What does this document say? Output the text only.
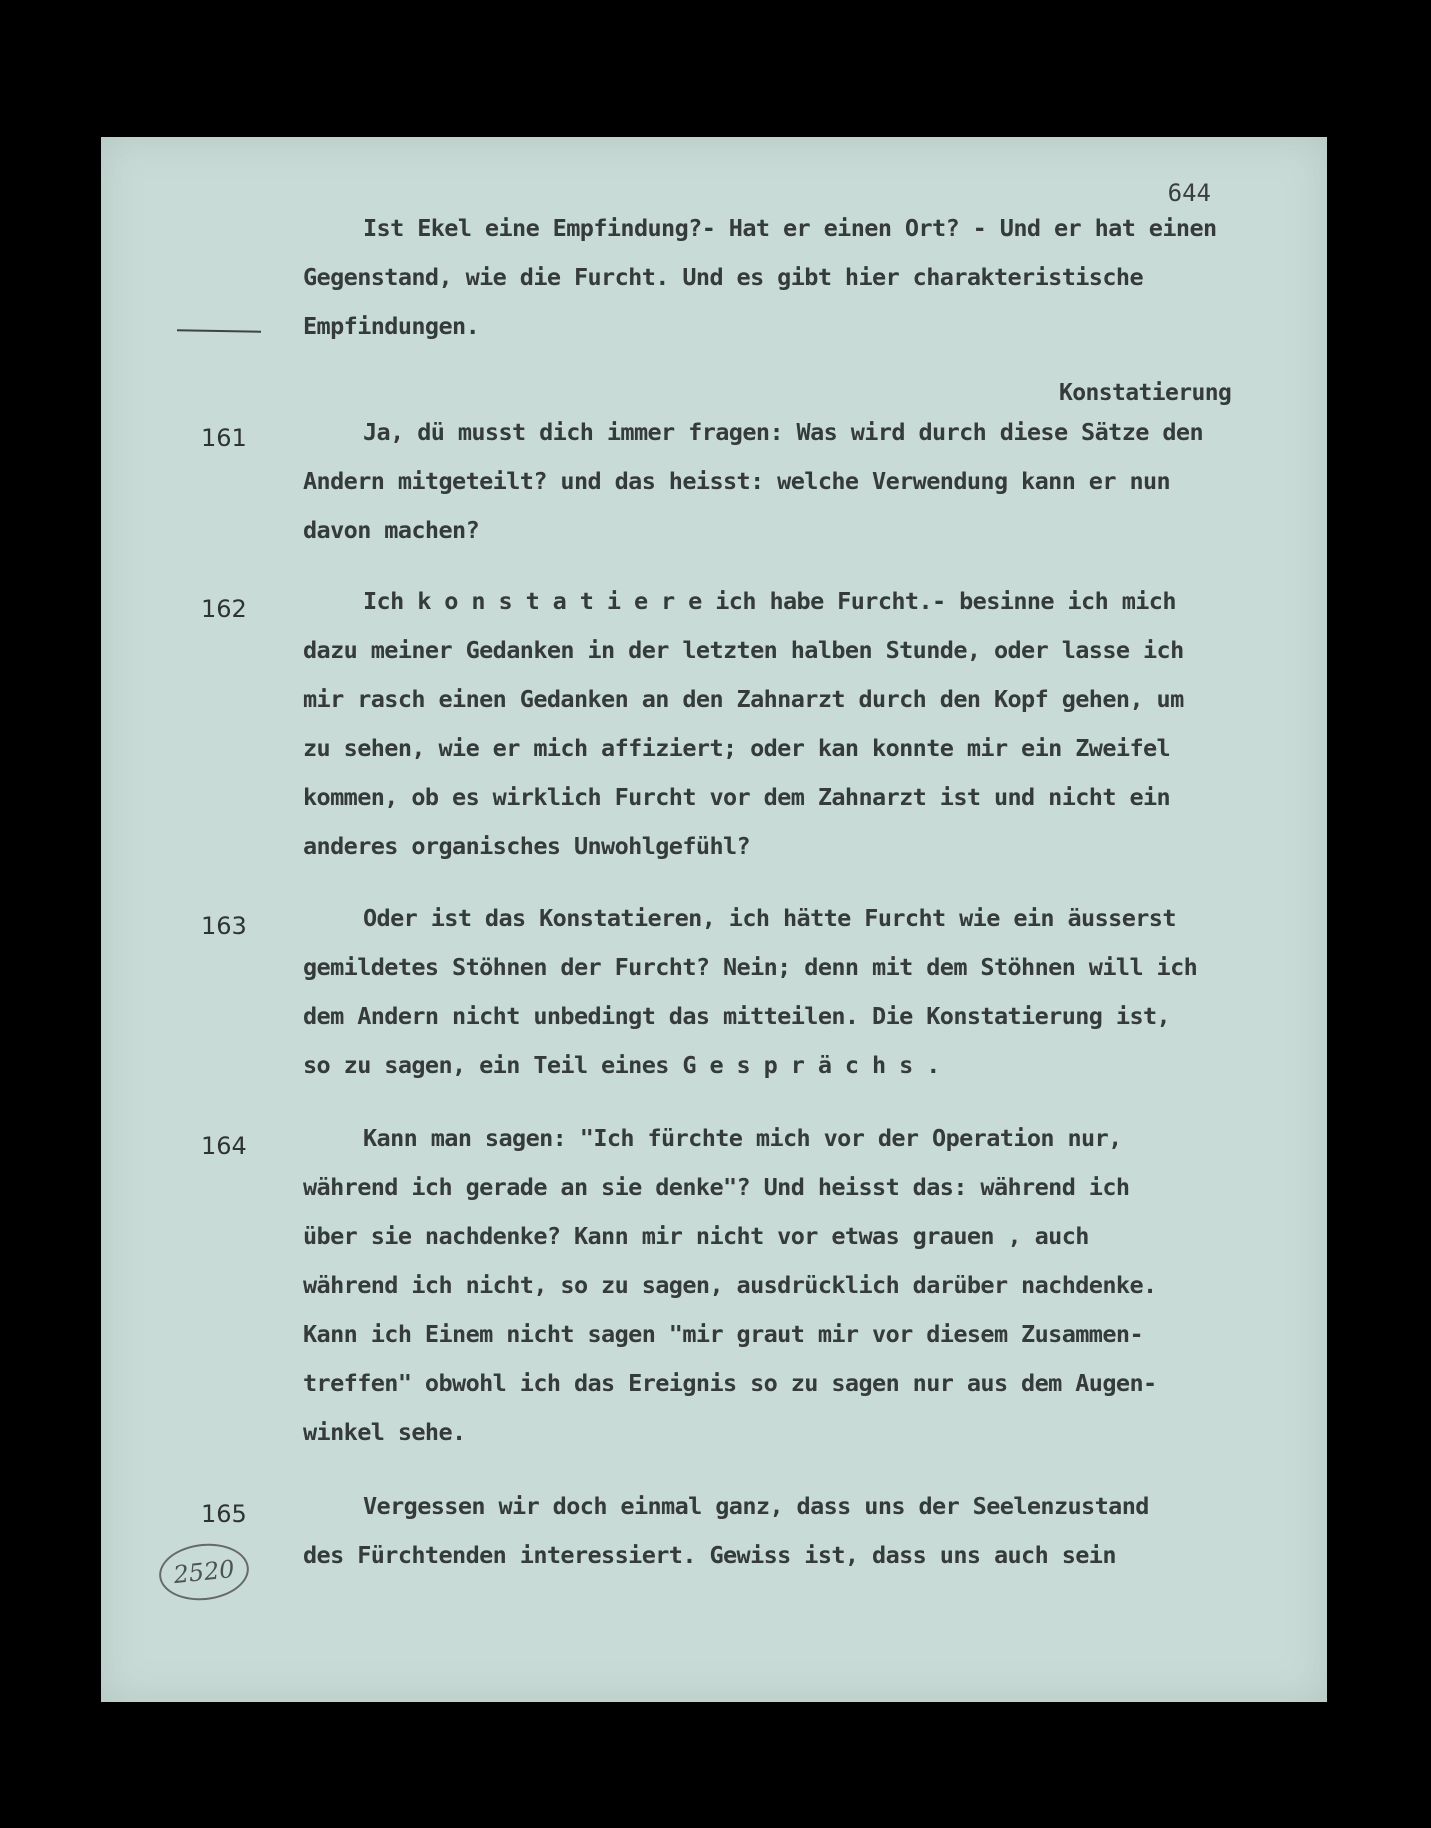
644
Ist Ekel eine Empfindung?- Hat er einen Ort? - Und er hat einen
Gegenstand, wie die Furcht. Und es gibt hier charakteristische
Empfindungen.
Konstatierung
161	Ja, dü musst dich immer fragen: Was wird durch diese Sätze den
Andern mitgeteilt? und das heisst: welche Verwendung kann er nun
davon machen?
162	Ich k o n s t a t i e r e ich habe Furcht.- besinne ich mich
dazu meiner Gedanken in der letzten halben Stunde, oder lasse ich
mir rasch einen Gedanken an den Zahnarzt durch den Kopf gehen, um
zu sehen, wie er mich affiziert; oder kan konnte mir ein Zweifel
kommen, ob es wirklich Furcht vor dem Zahnarzt ist und nicht ein
anderes organisches Unwohlgefühl?
163	Oder ist das Konstatieren, ich hätte Furcht wie ein äusserst
gemildetes Stöhnen der Furcht? Nein; denn mit dem Stöhnen will ich
dem Andern nicht unbedingt das mitteilen. Die Konstatierung ist,
so zu sagen, ein Teil eines G e s p r ä c h s .
164	Kann man sagen: "Ich fürchte mich vor der Operation nur,
während ich gerade an sie denke"? Und heisst das: während ich
über sie nachdenke? Kann mir nicht vor etwas grauen , auch
während ich nicht, so zu sagen, ausdrücklich darüber nachdenke.
Kann ich Einem nicht sagen "mir graut mir vor diesem Zusammen-
treffen" obwohl ich das Ereignis so zu sagen nur aus dem Augen-
winkel sehe.
165	Vergessen wir doch einmal ganz, dass uns der Seelenzustand
des Fürchtenden interessiert. Gewiss ist, dass uns auch sein
2520
